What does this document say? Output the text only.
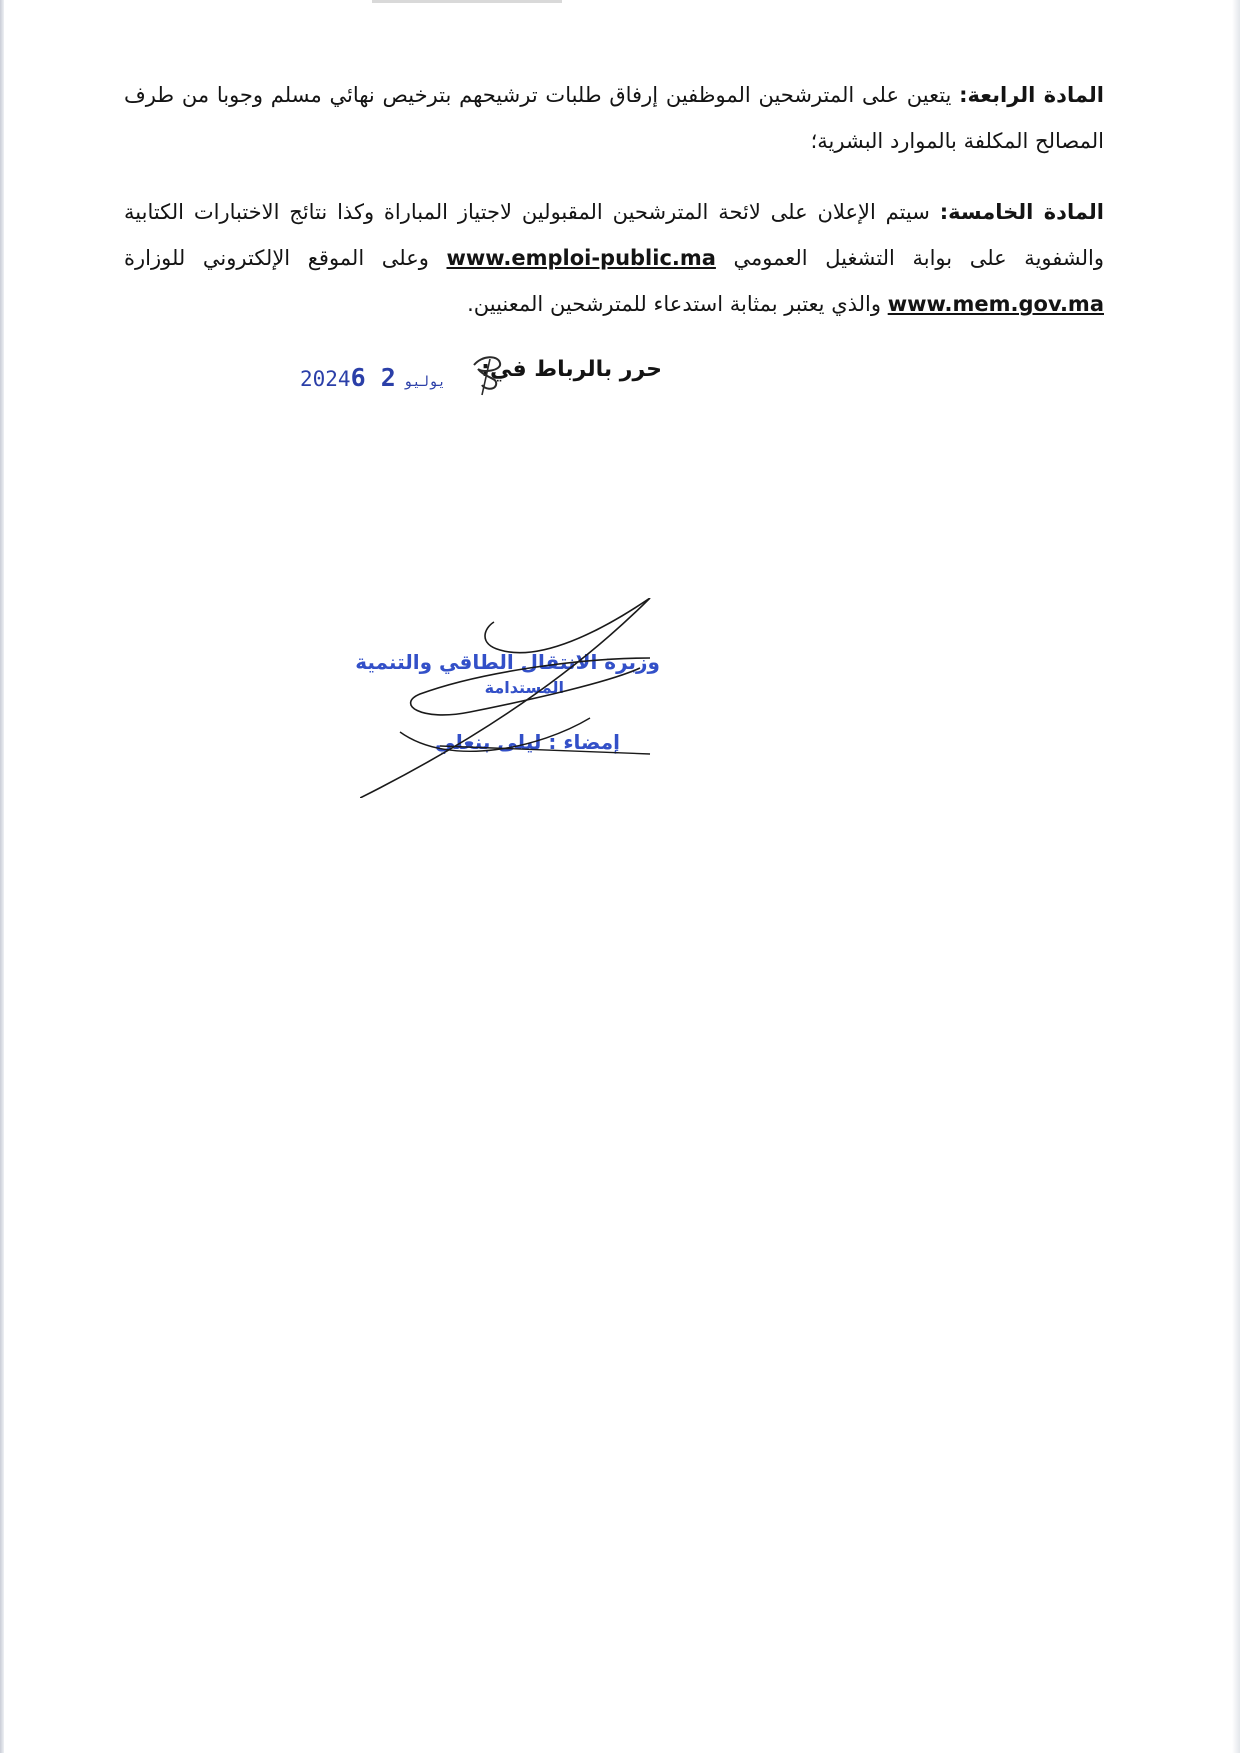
المادة الرابعة: يتعين على المترشحين الموظفين إرفاق طلبات ترشيحهم بترخيص نهائي مسلم وجوبا من طرف المصالح المكلفة بالموارد البشرية؛

المادة الخامسة: سيتم الإعلان على لائحة المترشحين المقبولين لاجتياز المباراة وكذا نتائج الاختبارات الكتابية والشفوية على بوابة التشغيل العمومي www.emploi-public.ma وعلى الموقع الإلكتروني للوزارة www.mem.gov.ma والذي يعتبر بمثابة استدعاء للمترشحين المعنيين.

حرر بالرباط في:
2024	يوليو2 6
وزيرة الانتقال الطاقي والتنمية
المستدامة
إمضاء : ليلى بنعلي
